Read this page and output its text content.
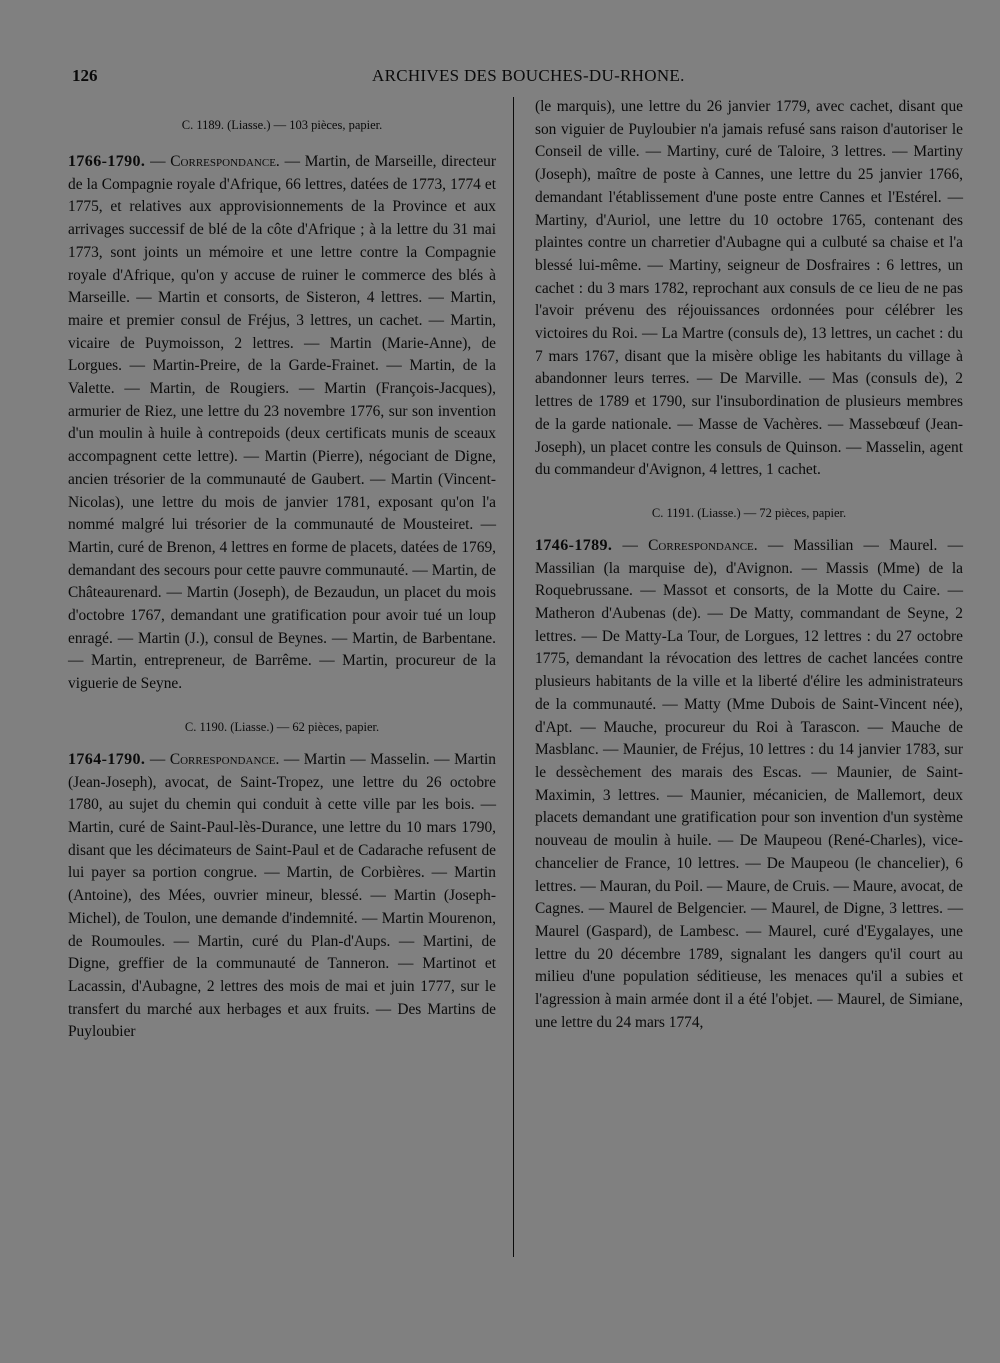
126	ARCHIVES DES BOUCHES-DU-RHONE.

C. 1189. (Liasse.) — 103 pièces, papier.

1766-1790. — Correspondance. — Martin, de Marseille, directeur de la Compagnie royale d'Afrique, 66 lettres, datées de 1773, 1774 et 1775, et relatives aux approvisionnements de la Province et aux arrivages successif de blé de la côte d'Afrique ; à la lettre du 31 mai 1773, sont joints un mémoire et une lettre contre la Compagnie royale d'Afrique, qu'on y accuse de ruiner le commerce des blés à Marseille. — Martin et consorts, de Sisteron, 4 lettres. — Martin, maire et premier consul de Fréjus, 3 lettres, un cachet. — Martin, vicaire de Puymoisson, 2 lettres. — Martin (Marie-Anne), de Lorgues. — Martin-Preire, de la Garde-Frainet. — Martin, de la Valette. — Martin, de Rougiers. — Martin (François-Jacques), armurier de Riez, une lettre du 23 novembre 1776, sur son invention d'un moulin à huile à contrepoids (deux certificats munis de sceaux accompagnent cette lettre). — Martin (Pierre), négociant de Digne, ancien trésorier de la communauté de Gaubert. — Martin (Vincent-Nicolas), une lettre du mois de janvier 1781, exposant qu'on l'a nommé malgré lui trésorier de la communauté de Mousteiret. — Martin, curé de Brenon, 4 lettres en forme de placets, datées de 1769, demandant des secours pour cette pauvre communauté. — Martin, de Châteaurenard. — Martin (Joseph), de Bezaudun, un placet du mois d'octobre 1767, demandant une gratification pour avoir tué un loup enragé. — Martin (J.), consul de Beynes. — Martin, de Barbentane. — Martin, entrepreneur, de Barrême. — Martin, procureur de la viguerie de Seyne.

C. 1190. (Liasse.) — 62 pièces, papier.

1764-1790. — Correspondance. — Martin — Masselin. — Martin (Jean-Joseph), avocat, de Saint-Tropez, une lettre du 26 octobre 1780, au sujet du chemin qui conduit à cette ville par les bois. — Martin, curé de Saint-Paul-lès-Durance, une lettre du 10 mars 1790, disant que les décimateurs de Saint-Paul et de Cadarache refusent de lui payer sa portion congrue. — Martin, de Corbières. — Martin (Antoine), des Mées, ouvrier mineur, blessé. — Martin (Joseph-Michel), de Toulon, une demande d'indemnité. — Martin Mourenon, de Roumoules. — Martin, curé du Plan-d'Aups. — Martini, de Digne, greffier de la communauté de Tanneron. — Martinot et Lacassin, d'Aubagne, 2 lettres des mois de mai et juin 1777, sur le transfert du marché aux herbages et aux fruits. — Des Martins de Puyloubier

(le marquis), une lettre du 26 janvier 1779, avec cachet, disant que son viguier de Puyloubier n'a jamais refusé sans raison d'autoriser le Conseil de ville. — Martiny, curé de Taloire, 3 lettres. — Martiny (Joseph), maître de poste à Cannes, une lettre du 25 janvier 1766, demandant l'établissement d'une poste entre Cannes et l'Estérel. — Martiny, d'Auriol, une lettre du 10 octobre 1765, contenant des plaintes contre un charretier d'Aubagne qui a culbuté sa chaise et l'a blessé lui-même. — Martiny, seigneur de Dosfraires : 6 lettres, un cachet : du 3 mars 1782, reprochant aux consuls de ce lieu de ne pas l'avoir prévenu des réjouissances ordonnées pour célébrer les victoires du Roi. — La Martre (consuls de), 13 lettres, un cachet : du 7 mars 1767, disant que la misère oblige les habitants du village à abandonner leurs terres. — De Marville. — Mas (consuls de), 2 lettres de 1789 et 1790, sur l'insubordination de plusieurs membres de la garde nationale. — Masse de Vachères. — Massebœuf (Jean-Joseph), un placet contre les consuls de Quinson. — Masselin, agent du commandeur d'Avignon, 4 lettres, 1 cachet.

C. 1191. (Liasse.) — 72 pièces, papier.

1746-1789. — Correspondance. — Massilian — Maurel. — Massilian (la marquise de), d'Avignon. — Massis (Mme) de la Roquebrussane. — Massot et consorts, de la Motte du Caire. — Matheron d'Aubenas (de). — De Matty, commandant de Seyne, 2 lettres. — De Matty-La Tour, de Lorgues, 12 lettres : du 27 octobre 1775, demandant la révocation des lettres de cachet lancées contre plusieurs habitants de la ville et la liberté d'élire les administrateurs de la communauté. — Matty (Mme Dubois de Saint-Vincent née), d'Apt. — Mauche, procureur du Roi à Tarascon. — Mauche de Masblanc. — Maunier, de Fréjus, 10 lettres : du 14 janvier 1783, sur le dessèchement des marais des Escas. — Maunier, de Saint-Maximin, 3 lettres. — Maunier, mécanicien, de Mallemort, deux placets demandant une gratification pour son invention d'un système nouveau de moulin à huile. — De Maupeou (René-Charles), vice-chancelier de France, 10 lettres. — De Maupeou (le chancelier), 6 lettres. — Mauran, du Poil. — Maure, de Cruis. — Maure, avocat, de Cagnes. — Maurel de Belgencier. — Maurel, de Digne, 3 lettres. — Maurel (Gaspard), de Lambesc. — Maurel, curé d'Eygalayes, une lettre du 20 décembre 1789, signalant les dangers qu'il court au milieu d'une population séditieuse, les menaces qu'il a subies et l'agression à main armée dont il a été l'objet. — Maurel, de Simiane, une lettre du 24 mars 1774,
